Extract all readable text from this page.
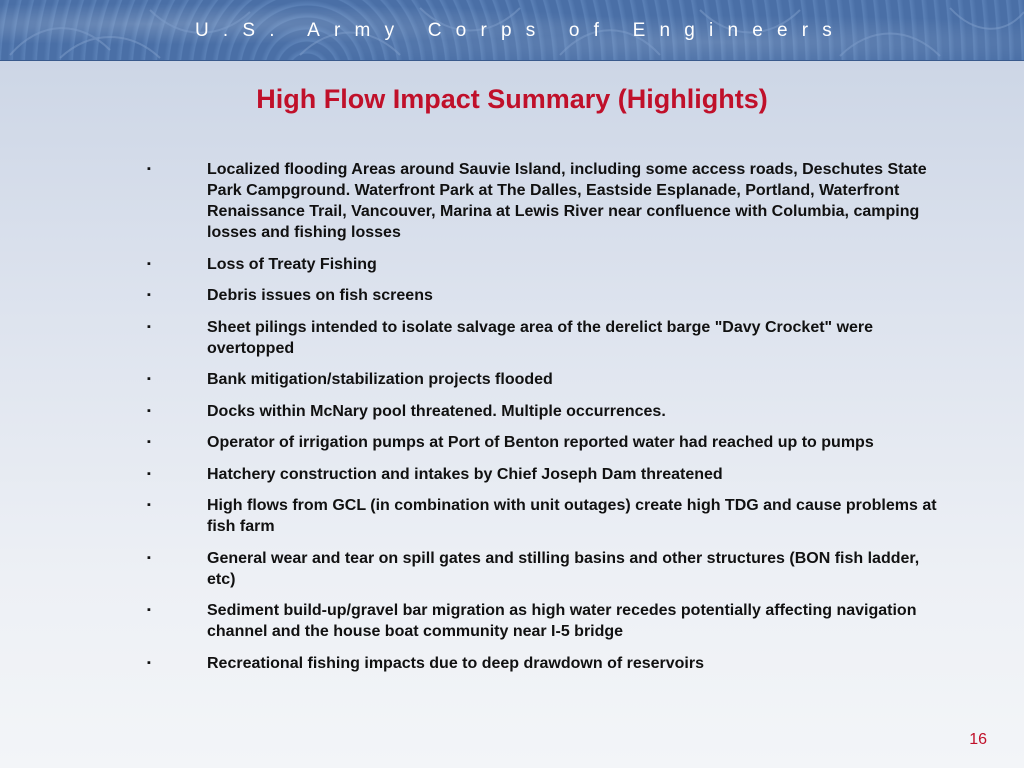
U.S. Army Corps of Engineers
High Flow Impact Summary (Highlights)
▪	Localized flooding Areas around Sauvie Island, including some access roads, Deschutes State Park Campground. Waterfront Park at The Dalles, Eastside Esplanade, Portland, Waterfront Renaissance Trail, Vancouver, Marina at Lewis River near confluence with Columbia, camping losses and fishing losses
▪	Loss of Treaty Fishing
▪	Debris issues on fish screens
▪	Sheet pilings intended to isolate salvage area of the derelict barge "Davy Crocket" were overtopped
▪	Bank mitigation/stabilization projects flooded
▪	Docks within McNary pool threatened. Multiple occurrences.
▪	Operator of irrigation pumps at Port of Benton reported water had reached up to pumps
▪	Hatchery construction and intakes by Chief Joseph Dam threatened
▪	High flows from GCL (in combination with unit outages) create high TDG and cause problems at fish farm
▪	General wear and tear on spill gates and stilling basins and other structures (BON fish ladder, etc)
▪	Sediment build-up/gravel bar migration as high water recedes potentially affecting navigation channel and the house boat community near I-5 bridge
▪	Recreational fishing impacts due to deep drawdown of reservoirs
16
